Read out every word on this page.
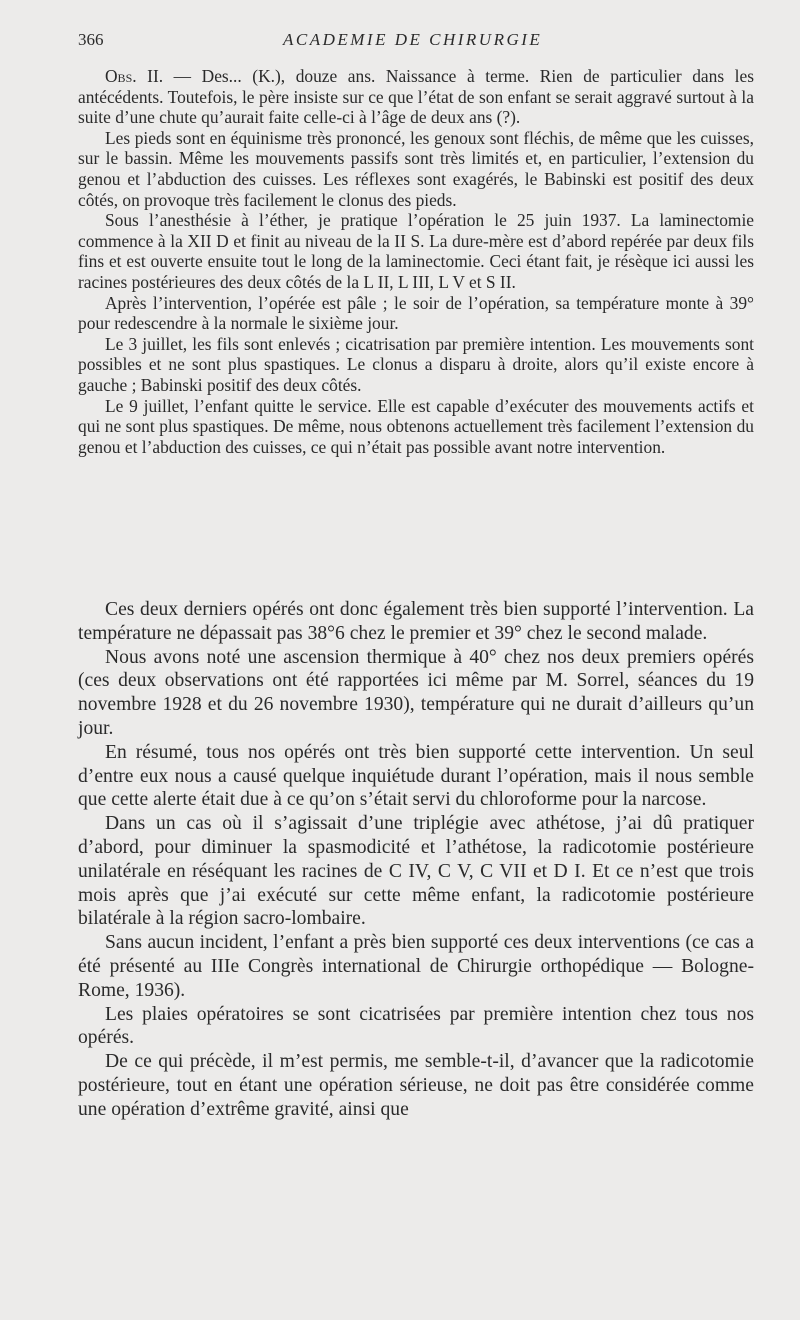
366	ACADEMIE DE CHIRURGIE

Obs. II. — Des... (K.), douze ans. Naissance à terme. Rien de particulier dans les antécédents. Toutefois, le père insiste sur ce que l’état de son enfant se serait aggravé surtout à la suite d’une chute qu’aurait faite celle-ci à l’âge de deux ans (?).

Les pieds sont en équinisme très prononcé, les genoux sont fléchis, de même que les cuisses, sur le bassin. Même les mouvements passifs sont très limités et, en particulier, l’extension du genou et l’abduction des cuisses. Les réflexes sont exagérés, le Babinski est positif des deux côtés, on provoque très facilement le clonus des pieds.

Sous l’anesthésie à l’éther, je pratique l’opération le 25 juin 1937. La laminectomie commence à la XII D et finit au niveau de la II S. La dure-mère est d’abord repérée par deux fils fins et est ouverte ensuite tout le long de la laminectomie. Ceci étant fait, je résèque ici aussi les racines postérieures des deux côtés de la L II, L III, L V et S II.

Après l’intervention, l’opérée est pâle ; le soir de l’opération, sa température monte à 39° pour redescendre à la normale le sixième jour.

Le 3 juillet, les fils sont enlevés ; cicatrisation par première intention. Les mouvements sont possibles et ne sont plus spastiques. Le clonus a disparu à droite, alors qu’il existe encore à gauche ; Babinski positif des deux côtés.

Le 9 juillet, l’enfant quitte le service. Elle est capable d’exécuter des mouvements actifs et qui ne sont plus spastiques. De même, nous obtenons actuellement très facilement l’extension du genou et l’abduction des cuisses, ce qui n’était pas possible avant notre intervention.

Ces deux derniers opérés ont donc également très bien supporté l’intervention. La température ne dépassait pas 38°6 chez le premier et 39° chez le second malade.

Nous avons noté une ascension thermique à 40° chez nos deux premiers opérés (ces deux observations ont été rapportées ici même par M. Sorrel, séances du 19 novembre 1928 et du 26 novembre 1930), température qui ne durait d’ailleurs qu’un jour.

En résumé, tous nos opérés ont très bien supporté cette intervention. Un seul d’entre eux nous a causé quelque inquiétude durant l’opération, mais il nous semble que cette alerte était due à ce qu’on s’était servi du chloroforme pour la narcose.

Dans un cas où il s’agissait d’une triplégie avec athétose, j’ai dû pratiquer d’abord, pour diminuer la spasmodicité et l’athétose, la radicotomie postérieure unilatérale en réséquant les racines de C IV, C V, C VII et D I. Et ce n’est que trois mois après que j’ai exécuté sur cette même enfant, la radicotomie postérieure bilatérale à la région sacro-lombaire.

Sans aucun incident, l’enfant a près bien supporté ces deux interventions (ce cas a été présenté au IIIe Congrès international de Chirurgie orthopédique — Bologne-Rome, 1936).

Les plaies opératoires se sont cicatrisées par première intention chez tous nos opérés.

De ce qui précède, il m’est permis, me semble-t-il, d’avancer que la radicotomie postérieure, tout en étant une opération sérieuse, ne doit pas être considérée comme une opération d’extrême gravité, ainsi que
